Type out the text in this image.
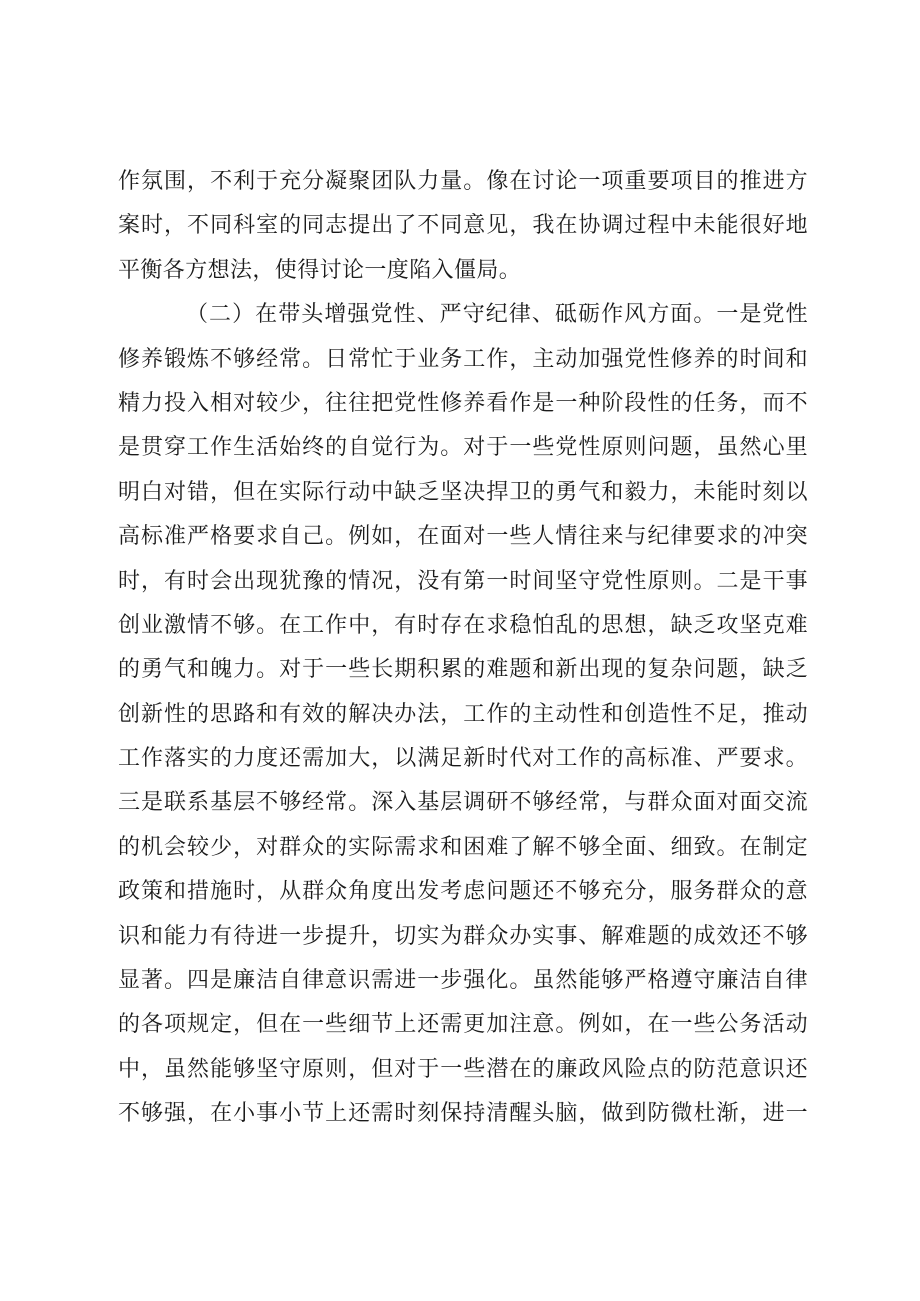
作氛围，不利于充分凝聚团队力量。像在讨论一项重要项目的推进方
案时，不同科室的同志提出了不同意见，我在协调过程中未能很好地
平衡各方想法，使得讨论一度陷入僵局。
（二）在带头增强党性、严守纪律、砥砺作风方面。一是党性
修养锻炼不够经常。日常忙于业务工作，主动加强党性修养的时间和
精力投入相对较少，往往把党性修养看作是一种阶段性的任务，而不
是贯穿工作生活始终的自觉行为。对于一些党性原则问题，虽然心里
明白对错，但在实际行动中缺乏坚决捍卫的勇气和毅力，未能时刻以
高标准严格要求自己。例如，在面对一些人情往来与纪律要求的冲突
时，有时会出现犹豫的情况，没有第一时间坚守党性原则。二是干事
创业激情不够。在工作中，有时存在求稳怕乱的思想，缺乏攻坚克难
的勇气和魄力。对于一些长期积累的难题和新出现的复杂问题，缺乏
创新性的思路和有效的解决办法，工作的主动性和创造性不足，推动
工作落实的力度还需加大，以满足新时代对工作的高标准、严要求。
三是联系基层不够经常。深入基层调研不够经常，与群众面对面交流
的机会较少，对群众的实际需求和困难了解不够全面、细致。在制定
政策和措施时，从群众角度出发考虑问题还不够充分，服务群众的意
识和能力有待进一步提升，切实为群众办实事、解难题的成效还不够
显著。四是廉洁自律意识需进一步强化。虽然能够严格遵守廉洁自律
的各项规定，但在一些细节上还需更加注意。例如，在一些公务活动
中，虽然能够坚守原则，但对于一些潜在的廉政风险点的防范意识还
不够强，在小事小节上还需时刻保持清醒头脑，做到防微杜渐，进一
